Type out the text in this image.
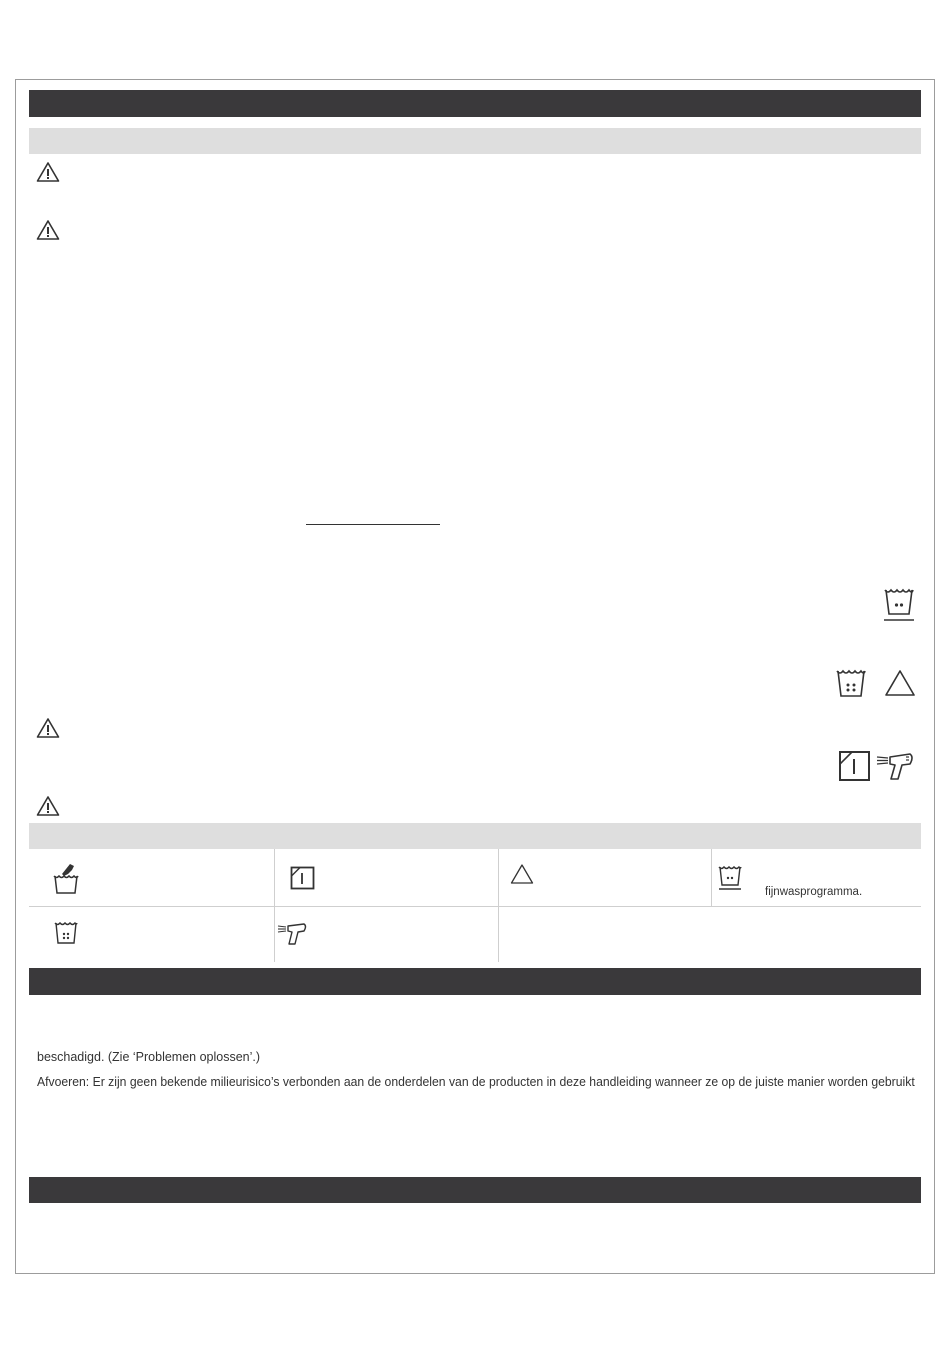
fijnwasprogramma.
beschadigd. (Zie ‘Problemen oplossen’.)
Afvoeren: Er zijn geen bekende milieurisico’s verbonden aan de onderdelen van de producten in deze handleiding wanneer ze op de juiste manier worden gebruikt
